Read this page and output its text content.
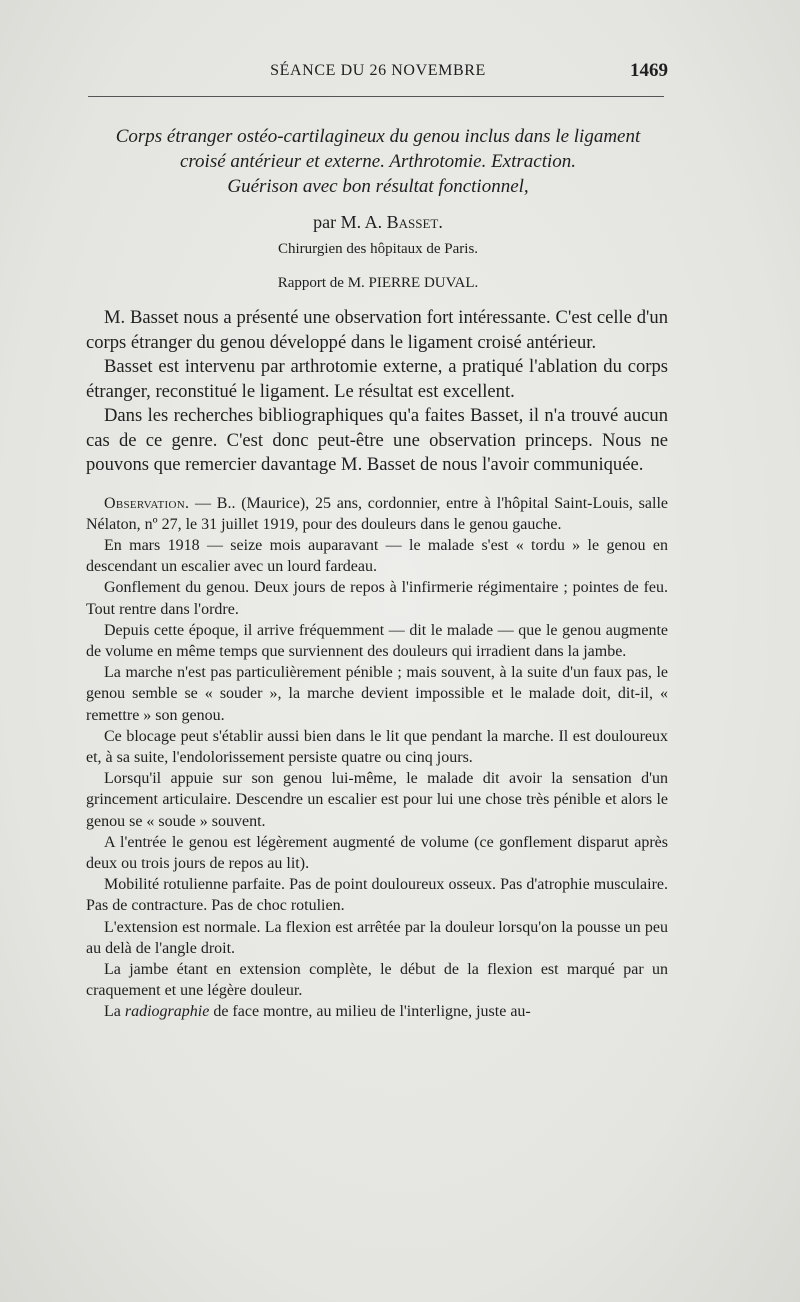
SÉANCE DU 26 NOVEMBRE	1469
Corps étranger ostéo-cartilagineux du genou inclus dans le ligament
croisé antérieur et externe. Arthrotomie. Extraction.
Guérison avec bon résultat fonctionnel,
par M. A. Basset.
Chirurgien des hôpitaux de Paris.
Rapport de M. PIERRE DUVAL.

M. Basset nous a présenté une observation fort intéressante. C'est celle d'un corps étranger du genou développé dans le ligament croisé antérieur.

Basset est intervenu par arthrotomie externe, a pratiqué l'ablation du corps étranger, reconstitué le ligament. Le résultat est excellent.

Dans les recherches bibliographiques qu'a faites Basset, il n'a trouvé aucun cas de ce genre. C'est donc peut-être une observation princeps. Nous ne pouvons que remercier davantage M. Basset de nous l'avoir communiquée.

Observation. — B.. (Maurice), 25 ans, cordonnier, entre à l'hôpital Saint-Louis, salle Nélaton, nº 27, le 31 juillet 1919, pour des douleurs dans le genou gauche.

En mars 1918 — seize mois auparavant — le malade s'est « tordu » le genou en descendant un escalier avec un lourd fardeau.

Gonflement du genou. Deux jours de repos à l'infirmerie régimentaire ; pointes de feu. Tout rentre dans l'ordre.

Depuis cette époque, il arrive fréquemment — dit le malade — que le genou augmente de volume en même temps que surviennent des douleurs qui irradient dans la jambe.

La marche n'est pas particulièrement pénible ; mais souvent, à la suite d'un faux pas, le genou semble se « souder », la marche devient impossible et le malade doit, dit-il, « remettre » son genou.

Ce blocage peut s'établir aussi bien dans le lit que pendant la marche. Il est douloureux et, à sa suite, l'endolorissement persiste quatre ou cinq jours.

Lorsqu'il appuie sur son genou lui-même, le malade dit avoir la sensation d'un grincement articulaire. Descendre un escalier est pour lui une chose très pénible et alors le genou se « soude » souvent.

A l'entrée le genou est légèrement augmenté de volume (ce gonflement disparut après deux ou trois jours de repos au lit).

Mobilité rotulienne parfaite. Pas de point douloureux osseux. Pas d'atrophie musculaire. Pas de contracture. Pas de choc rotulien.

L'extension est normale. La flexion est arrêtée par la douleur lorsqu'on la pousse un peu au delà de l'angle droit.

La jambe étant en extension complète, le début de la flexion est marqué par un craquement et une légère douleur.

La radiographie de face montre, au milieu de l'interligne, juste au-
